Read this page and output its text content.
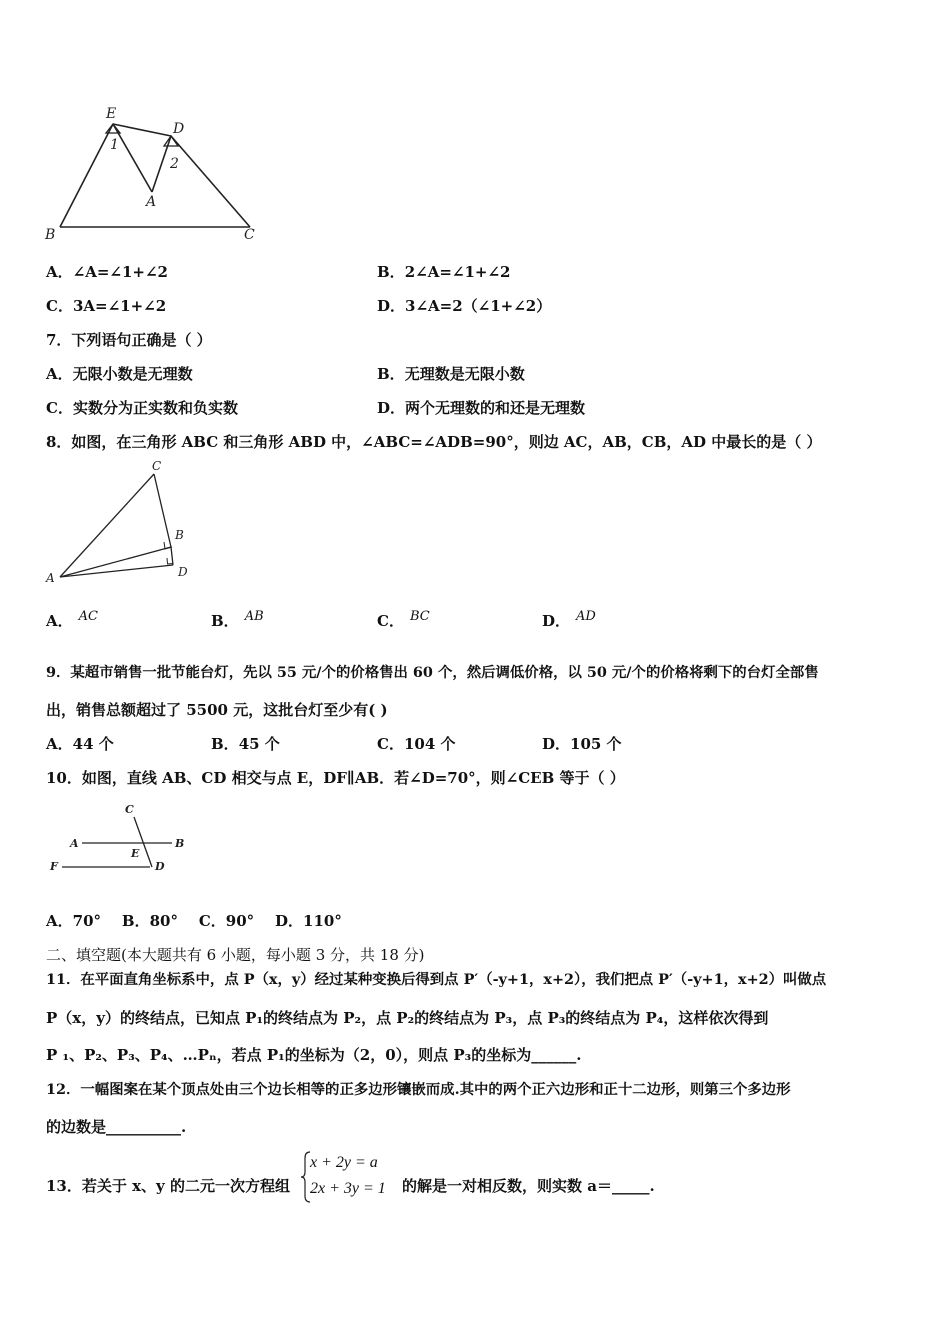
E
D
A
B	C
1
2
A．∠A=∠1+∠2	B．2∠A=∠1+∠2
C．3A=∠1+∠2	D．3∠A=2（∠1+∠2）
7．下列语句正确是（ ）
A．无限小数是无理数	B．无理数是无限小数
C．实数分为正实数和负实数	D．两个无理数的和还是无理数
8．如图，在三角形 ABC 和三角形 ABD 中，∠ABC=∠ADB=90°，则边 AC，AB，CB，AD 中最长的是（ ）
C
B
A	D
A． AC	B． AB	C． BC	D． AD
9．某超市销售一批节能台灯，先以 55 元/个的价格售出 60 个，然后调低价格，以 50 元/个的价格将剩下的台灯全部售
出，销售总额超过了 5500 元，这批台灯至少有( )
A．44 个	B．45 个	C．104 个	D．105 个
10．如图，直线 AB、CD 相交与点 E，DF∥AB．若∠D=70°，则∠CEB 等于（ ）
C
A	B
E
F	D
A．70°    B．80°    C．90°    D．110°
二、填空题(本大题共有 6 小题，每小题 3 分，共 18 分)
11．在平面直角坐标系中，点 P（x，y）经过某种变换后得到点 P′（-y+1，x+2），我们把点 P′（-y+1，x+2）叫做点
P（x，y）的终结点，已知点 P₁的终结点为 P₂，点 P₂的终结点为 P₃，点 P₃的终结点为 P₄，这样依次得到
P ₁、P₂、P₃、P₄、…Pₙ，若点 P₁的坐标为（2，0），则点 P₃的坐标为______.
12．一幅图案在某个顶点处由三个边长相等的正多边形镶嵌而成.其中的两个正六边形和正十二边形，则第三个多边形
的边数是__________.
13．若关于 x、y 的二元一次方程组
x + 2y = a
2x + 3y = 1 的解是一对相反数，则实数 a＝_____.
